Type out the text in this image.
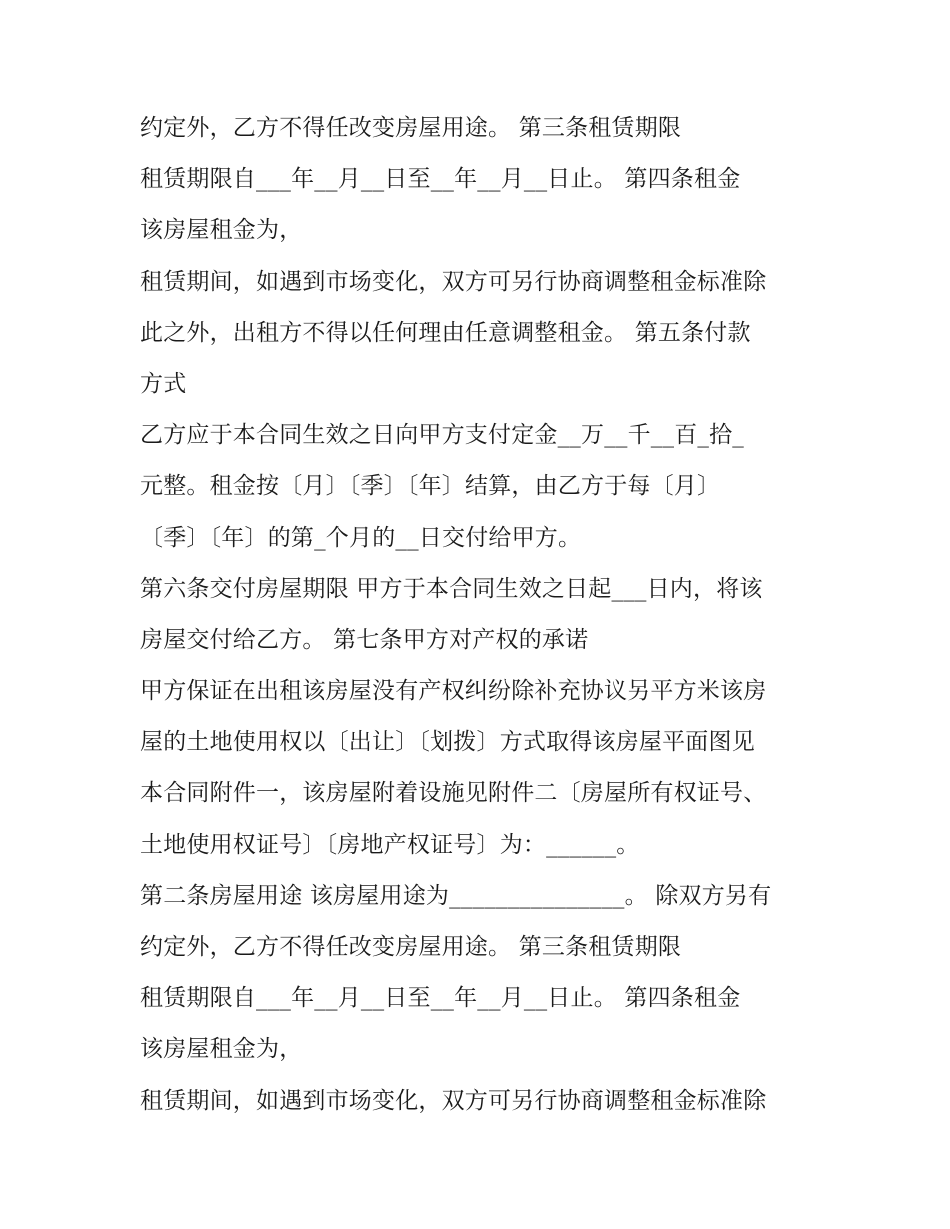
约定外，乙方不得任改变房屋用途。 第三条租赁期限
租赁期限自___年__月__日至__年__月__日止。 第四条租金
该房屋租金为，
租赁期间，如遇到市场变化，双方可另行协商调整租金标准除
此之外，出租方不得以任何理由任意调整租金。 第五条付款
方式
乙方应于本合同生效之日向甲方支付定金__万__千__百_拾_
元整。租金按〔月〕〔季〕〔年〕结算，由乙方于每〔月〕
〔季〕〔年〕的第_个月的__日交付给甲方。
第六条交付房屋期限 甲方于本合同生效之日起___日内，将该
房屋交付给乙方。 第七条甲方对产权的承诺
甲方保证在出租该房屋没有产权纠纷除补充协议另平方米该房
屋的土地使用权以〔出让〕〔划拨〕方式取得该房屋平面图见
本合同附件一，该房屋附着设施见附件二〔房屋所有权证号、
土地使用权证号〕〔房地产权证号〕为：______。
第二条房屋用途 该房屋用途为_______________。 除双方另有
约定外，乙方不得任改变房屋用途。 第三条租赁期限
租赁期限自___年__月__日至__年__月__日止。 第四条租金
该房屋租金为，
租赁期间，如遇到市场变化，双方可另行协商调整租金标准除
